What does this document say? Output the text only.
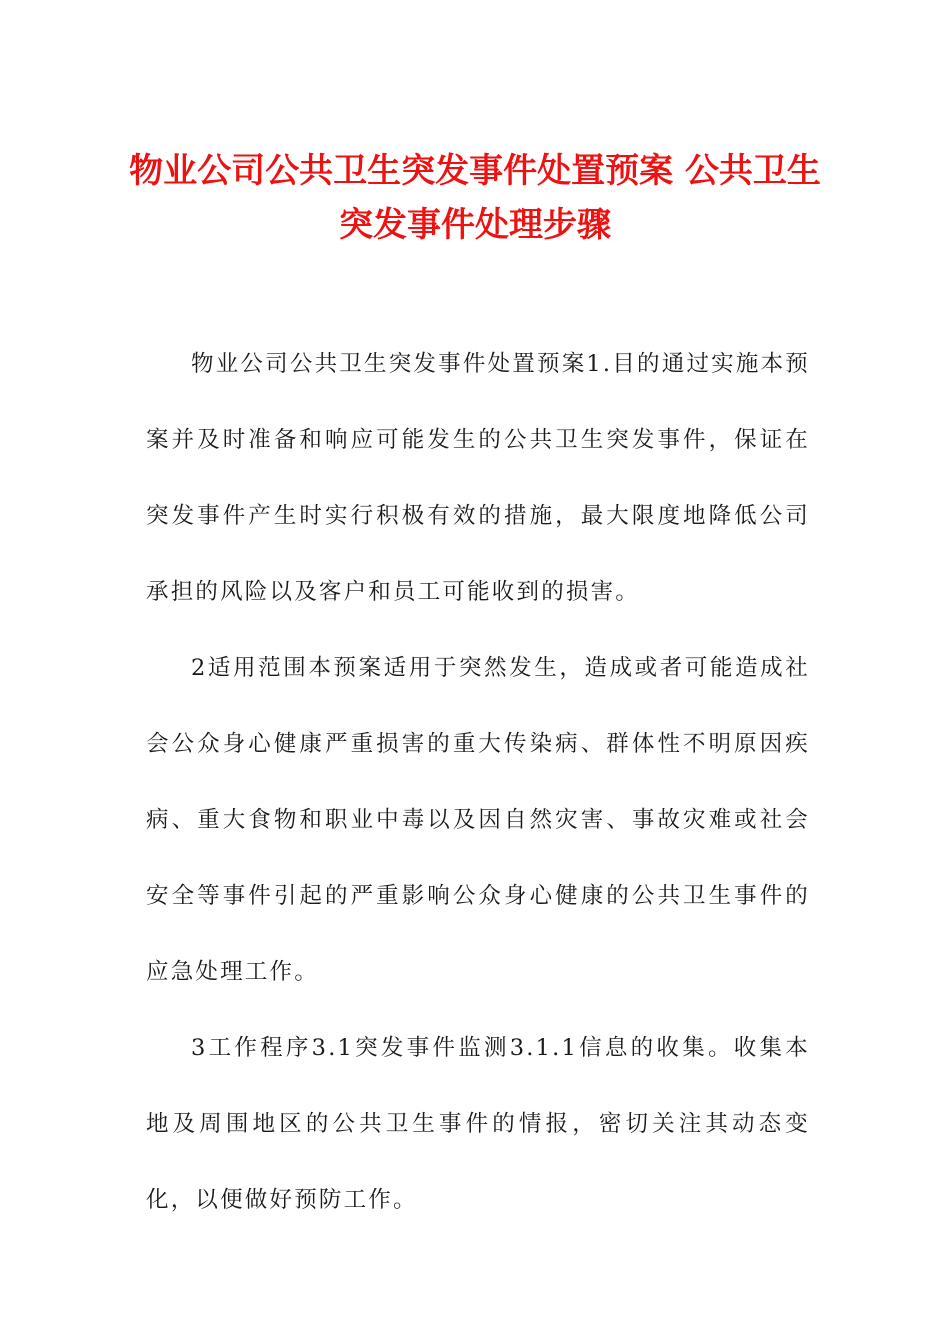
物业公司公共卫生突发事件处置预案 公共卫生突发事件处理步骤

物业公司公共卫生突发事件处置预案1.目的通过实施本预案并及时准备和响应可能发生的公共卫生突发事件，保证在突发事件产生时实行积极有效的措施，最大限度地降低公司承担的风险以及客户和员工可能收到的损害。

2适用范围本预案适用于突然发生，造成或者可能造成社会公众身心健康严重损害的重大传染病、群体性不明原因疾病、重大食物和职业中毒以及因自然灾害、事故灾难或社会安全等事件引起的严重影响公众身心健康的公共卫生事件的应急处理工作。

3工作程序3.1突发事件监测3.1.1信息的收集。收集本地及周围地区的公共卫生事件的情报，密切关注其动态变化，以便做好预防工作。
